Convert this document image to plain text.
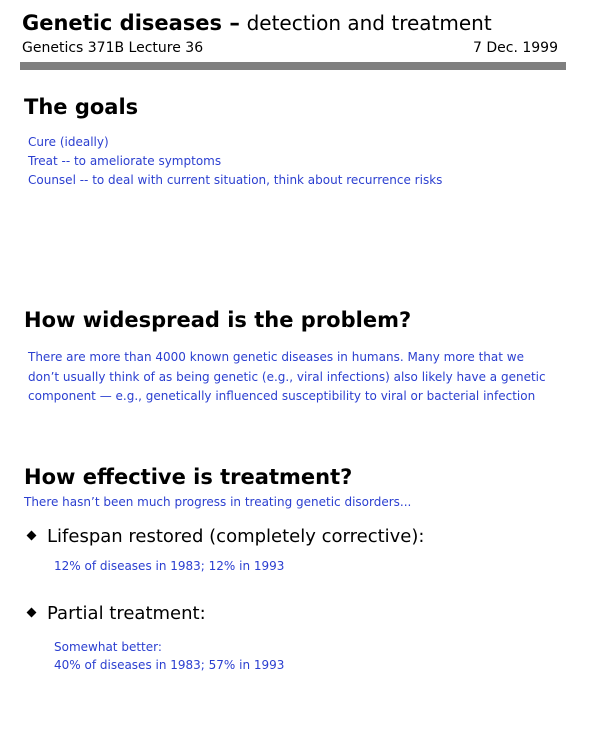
Genetic diseases – detection and treatment
Genetics 371B Lecture 36	7 Dec. 1999
The goals
Cure (ideally)
Treat -- to ameliorate symptoms
Counsel -- to deal with current situation, think about recurrence risks
How widespread is the problem?
There are more than 4000 known genetic diseases in humans. Many more that we
don’t usually think of as being genetic (e.g., viral infections) also likely have a genetic
component — e.g., genetically influenced susceptibility to viral or bacterial infection
How effective is treatment?
There hasn’t been much progress in treating genetic disorders...
Lifespan restored (completely corrective):
12% of diseases in 1983; 12% in 1993
Partial treatment:
Somewhat better:
40% of diseases in 1983; 57% in 1993
